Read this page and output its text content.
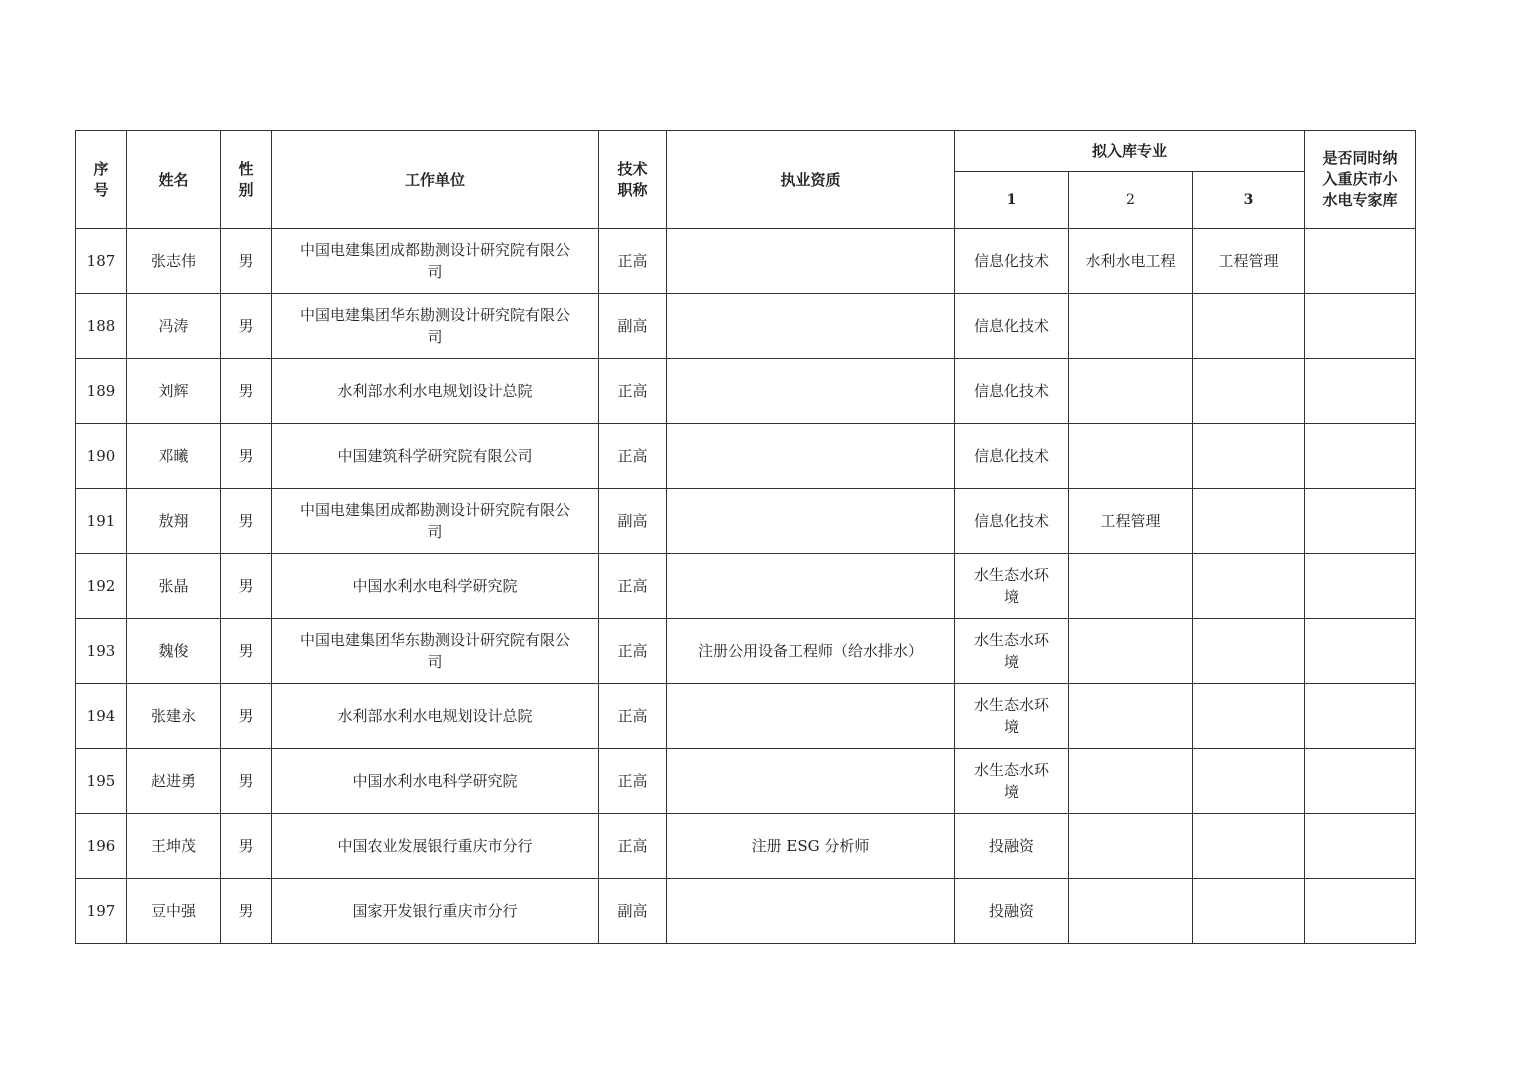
序
号	姓名	性
别	工作单位	技术
职称	执业资质	拟入库专业			是否同时纳
入重庆市小
水电专家库

						1	2	3	
187	张志伟	男	中国电建集团成都勘测设计研究院有限公
司	正高		信息化技术	水利水电工程	工程管理	
188	冯涛	男	中国电建集团华东勘测设计研究院有限公
司	副高		信息化技术			
189	刘辉	男	水利部水利水电规划设计总院	正高		信息化技术			
190	邓曦	男	中国建筑科学研究院有限公司	正高		信息化技术			
191	敖翔	男	中国电建集团成都勘测设计研究院有限公
司	副高		信息化技术	工程管理		
192	张晶	男	中国水利水电科学研究院	正高		水生态水环境			
193	魏俊	男	中国电建集团华东勘测设计研究院有限公
司	正高	注册公用设备工程师（给水排水）	水生态水环境			
194	张建永	男	水利部水利水电规划设计总院	正高		水生态水环境			
195	赵进勇	男	中国水利水电科学研究院	正高		水生态水环境			
196	王坤茂	男	中国农业发展银行重庆市分行	正高	注册 ESG 分析师	投融资			
197	豆中强	男	国家开发银行重庆市分行	副高		投融资			
